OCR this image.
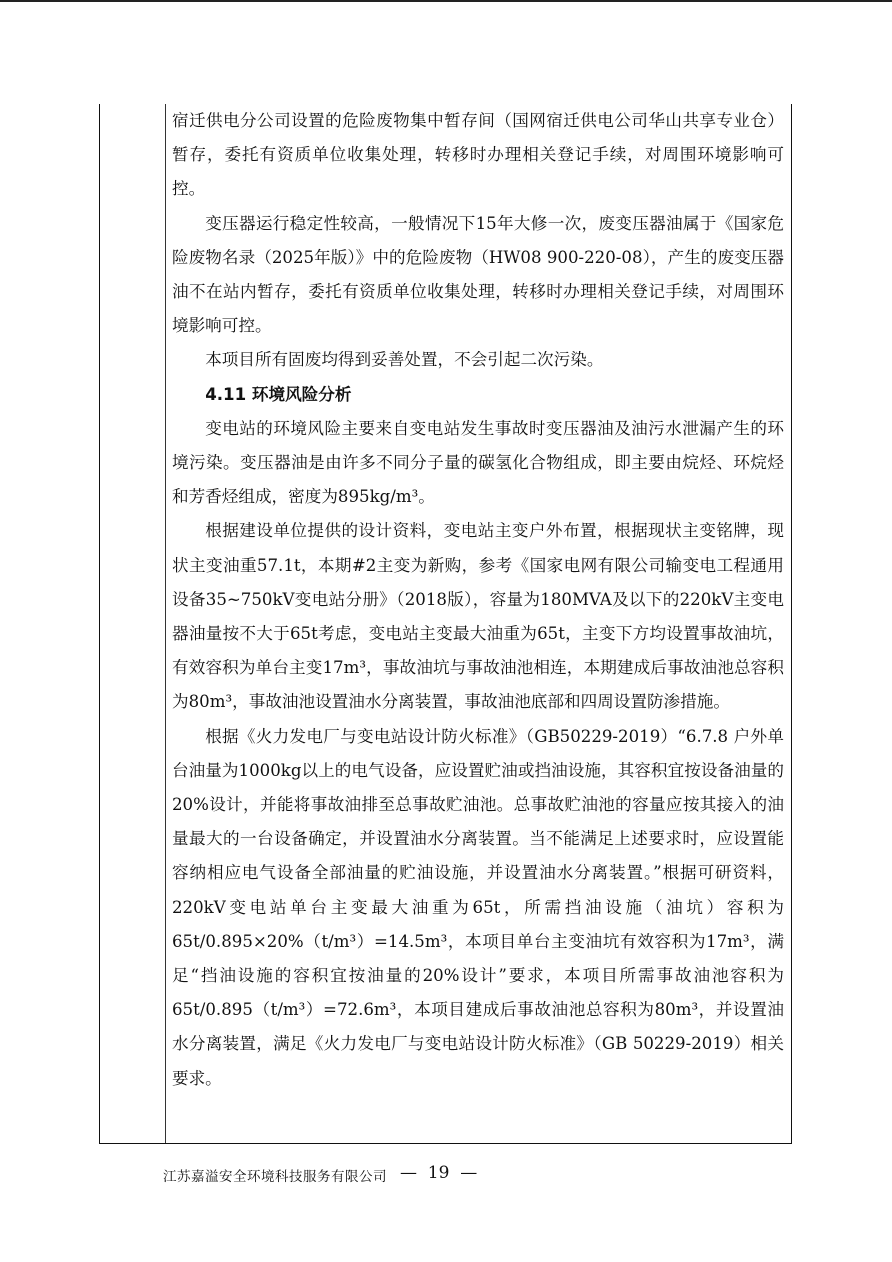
宿迁供电分公司设置的危险废物集中暂存间（国网宿迁供电公司华山共享专业仓）暂存，委托有资质单位收集处理，转移时办理相关登记手续，对周围环境影响可控。

变压器运行稳定性较高，一般情况下15年大修一次，废变压器油属于《国家危险废物名录（2025年版）》中的危险废物（HW08 900-220-08），产生的废变压器油不在站内暂存，委托有资质单位收集处理，转移时办理相关登记手续，对周围环境影响可控。

本项目所有固废均得到妥善处置，不会引起二次污染。

4.11 环境风险分析

变电站的环境风险主要来自变电站发生事故时变压器油及油污水泄漏产生的环境污染。变压器油是由许多不同分子量的碳氢化合物组成，即主要由烷烃、环烷烃和芳香烃组成，密度为895kg/m³。

根据建设单位提供的设计资料，变电站主变户外布置，根据现状主变铭牌，现状主变油重57.1t，本期#2主变为新购，参考《国家电网有限公司输变电工程通用设备35~750kV变电站分册》（2018版），容量为180MVA及以下的220kV主变电器油量按不大于65t考虑，变电站主变最大油重为65t，主变下方均设置事故油坑，有效容积为单台主变17m³，事故油坑与事故油池相连，本期建成后事故油池总容积为80m³，事故油池设置油水分离装置，事故油池底部和四周设置防渗措施。

根据《火力发电厂与变电站设计防火标准》（GB50229-2019）“6.7.8 户外单台油量为1000kg以上的电气设备，应设置贮油或挡油设施，其容积宜按设备油量的20%设计，并能将事故油排至总事故贮油池。总事故贮油池的容量应按其接入的油量最大的一台设备确定，并设置油水分离装置。当不能满足上述要求时，应设置能容纳相应电气设备全部油量的贮油设施，并设置油水分离装置。”根据可研资料，220kV变电站单台主变最大油重为65t，所需挡油设施（油坑）容积为65t/0.895×20%（t/m³）=14.5m³，本项目单台主变油坑有效容积为17m³，满足“挡油设施的容积宜按油量的20%设计”要求，本项目所需事故油池容积为65t/0.895（t/m³）=72.6m³，本项目建成后事故油池总容积为80m³，并设置油水分离装置，满足《火力发电厂与变电站设计防火标准》（GB 50229-2019）相关要求。

江苏嘉溢安全环境科技服务有限公司 —  19  —
